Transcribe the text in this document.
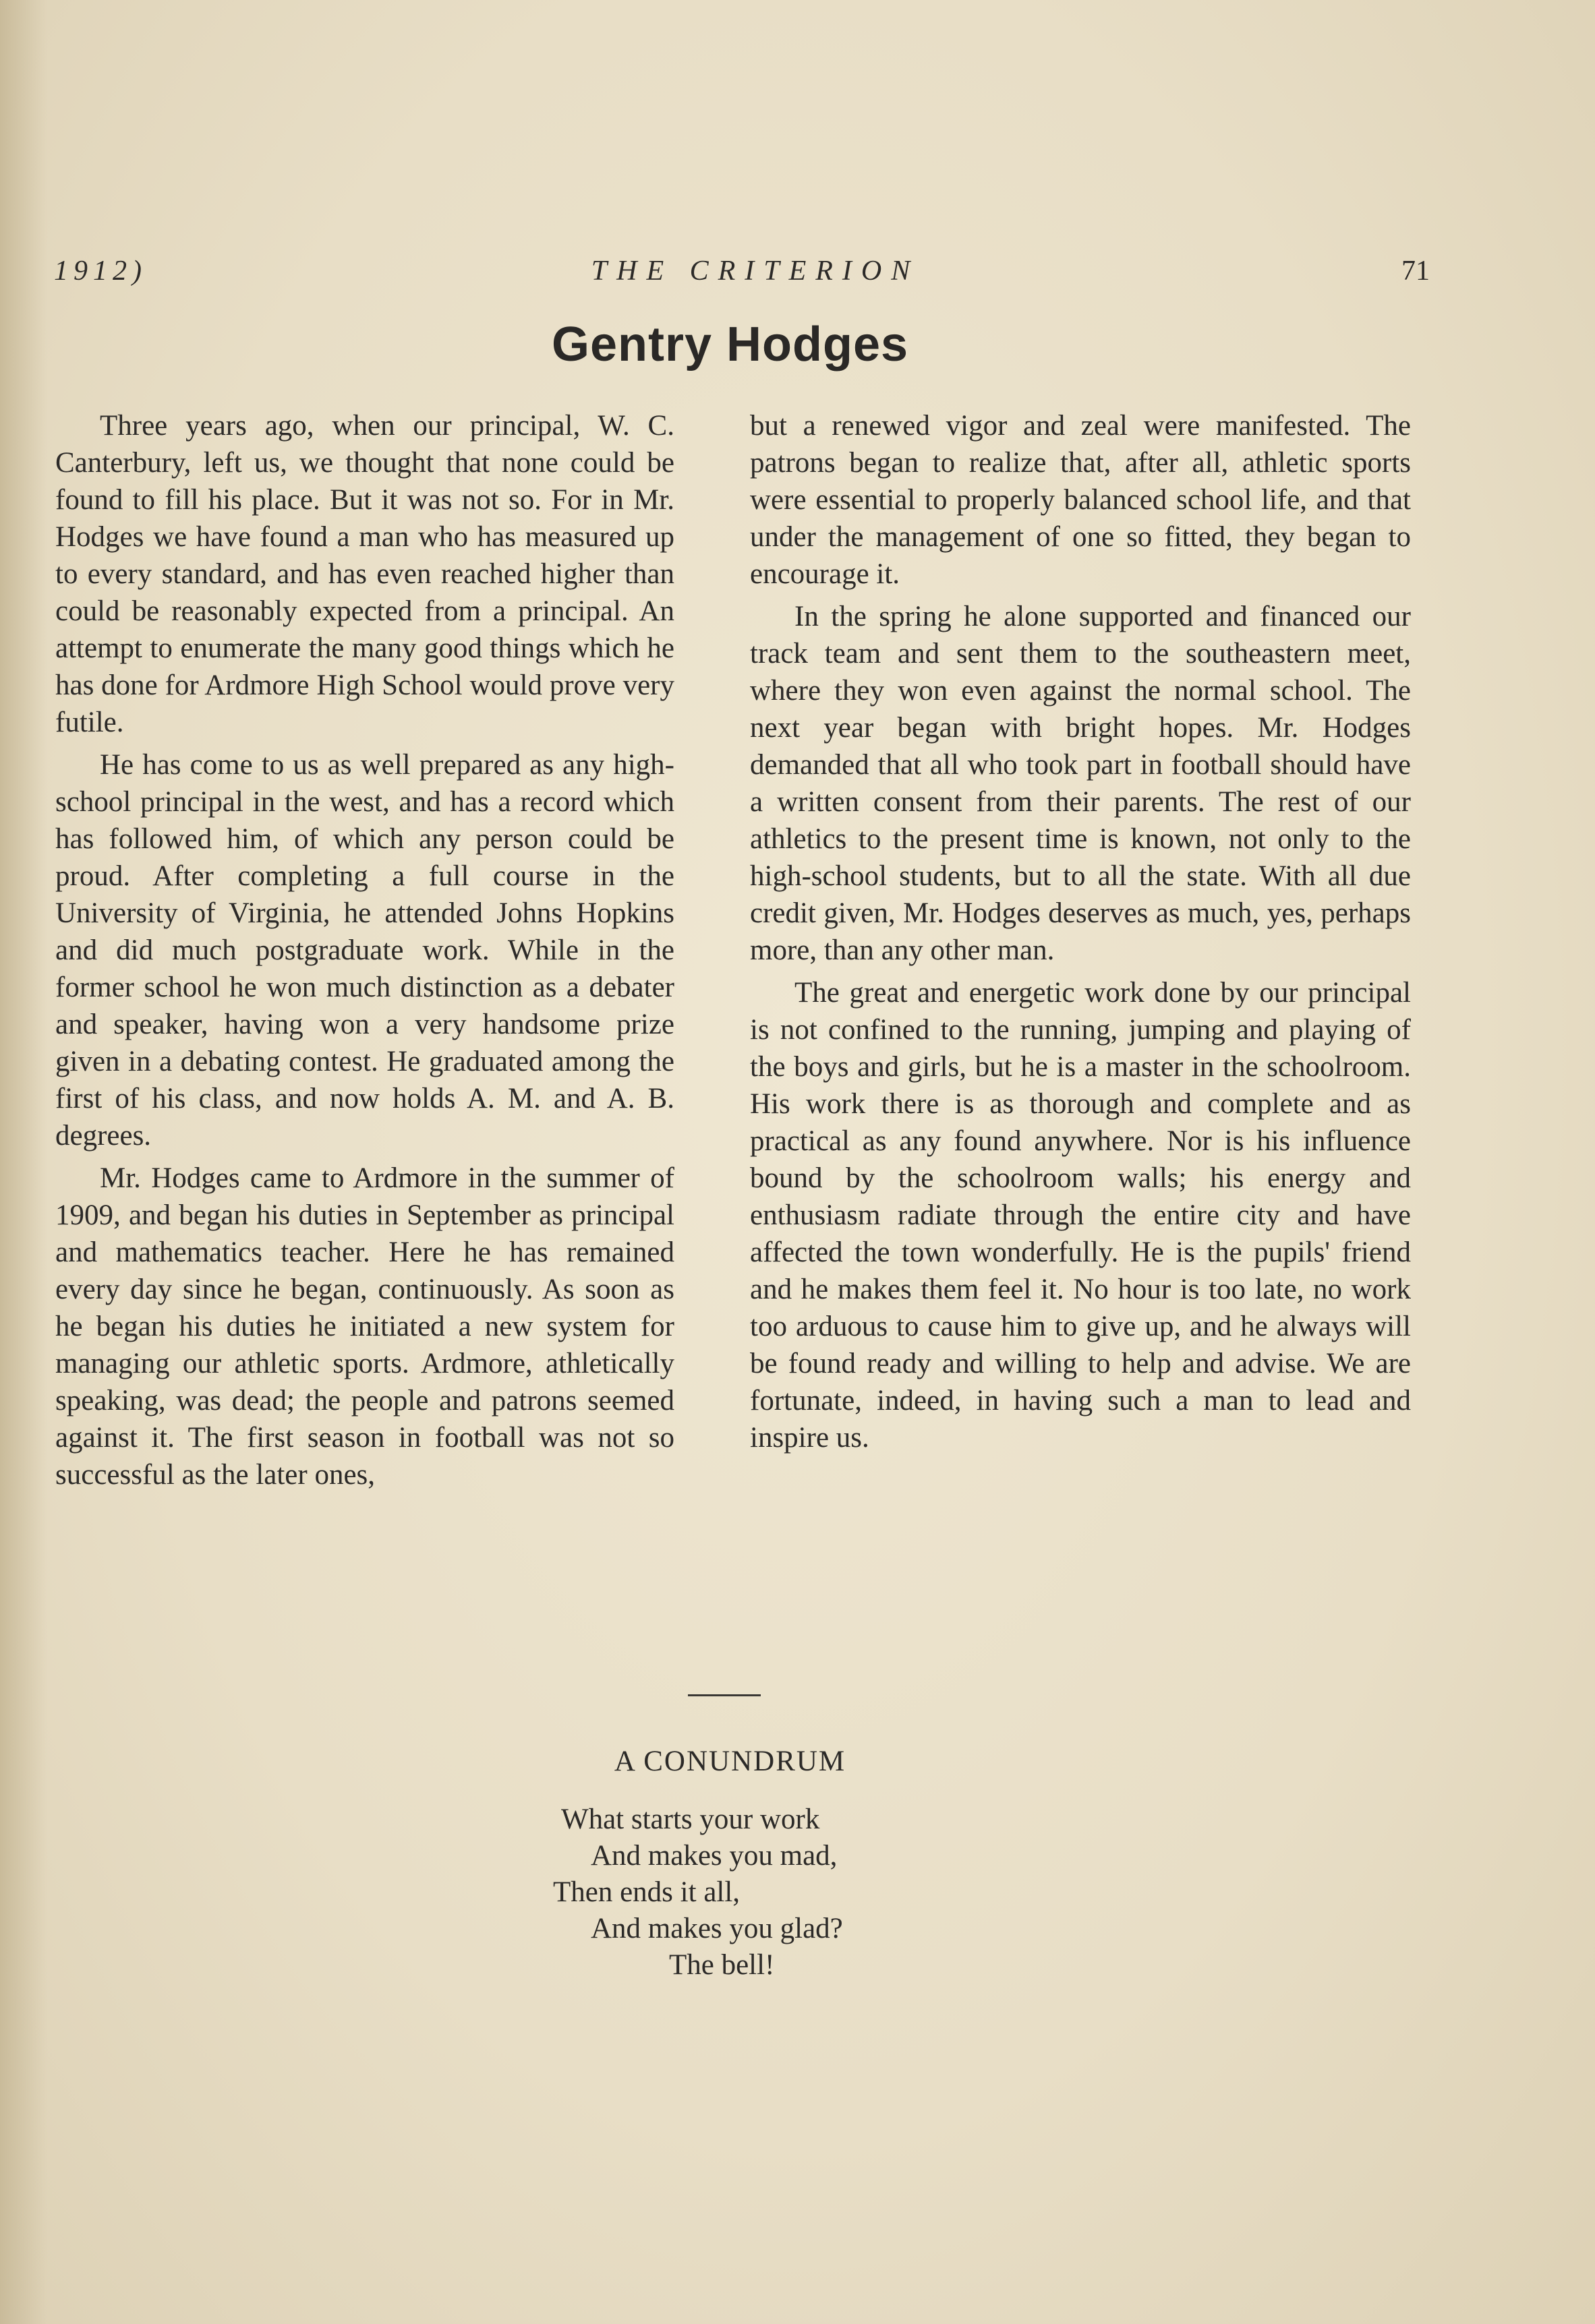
1912)	THE CRITERION	71
Gentry Hodges

Three years ago, when our principal, W. C. Canterbury, left us, we thought that none could be found to fill his place. But it was not so. For in Mr. Hodges we have found a man who has measured up to every standard, and has even reached higher than could be reasonably expected from a principal. An attempt to enumerate the many good things which he has done for Ardmore High School would prove very futile.

He has come to us as well prepared as any high-school principal in the west, and has a record which has followed him, of which any person could be proud. After completing a full course in the University of Virginia, he attended Johns Hopkins and did much postgraduate work. While in the former school he won much distinction as a debater and speaker, having won a very handsome prize given in a debating contest. He graduated among the first of his class, and now holds A. M. and A. B. degrees.

Mr. Hodges came to Ardmore in the summer of 1909, and began his duties in September as principal and mathematics teacher. Here he has remained every day since he began, continuously. As soon as he began his duties he initiated a new system for managing our athletic sports. Ardmore, athletically speaking, was dead; the people and patrons seemed against it. The first season in football was not so successful as the later ones,

but a renewed vigor and zeal were manifested. The patrons began to realize that, after all, athletic sports were essential to properly balanced school life, and that under the management of one so fitted, they began to encourage it.

In the spring he alone supported and financed our track team and sent them to the southeastern meet, where they won even against the normal school. The next year began with bright hopes. Mr. Hodges demanded that all who took part in football should have a written consent from their parents. The rest of our athletics to the present time is known, not only to the high-school students, but to all the state. With all due credit given, Mr. Hodges deserves as much, yes, perhaps more, than any other man.

The great and energetic work done by our principal is not confined to the running, jumping and playing of the boys and girls, but he is a master in the schoolroom. His work there is as thorough and complete and as practical as any found anywhere. Nor is his influence bound by the schoolroom walls; his energy and enthusiasm radiate through the entire city and have affected the town wonderfully. He is the pupils' friend and he makes them feel it. No hour is too late, no work too arduous to cause him to give up, and he always will be found ready and willing to help and advise. We are fortunate, indeed, in having such a man to lead and inspire us.

A CONUNDRUM
What starts your work
And makes you mad,
Then ends it all,
And makes you glad?
The bell!
